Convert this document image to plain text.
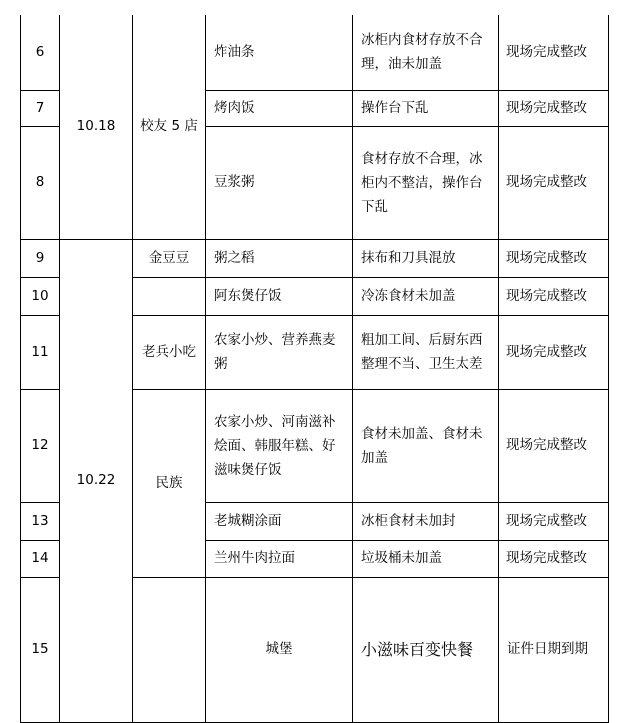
6	10.18	校友 5 店	炸油条	冰柜内食材存放不合理，油未加盖	现场完成整改	
7			烤肉饭	操作台下乱	现场完成整改	
8			豆浆粥	食材存放不合理，冰柜内不整洁，操作台下乱	现场完成整改	
9	10.22	金豆豆	粥之稻	抹布和刀具混放	现场完成整改	
10			阿东煲仔饭	冷冻食材未加盖	现场完成整改	
11		老兵小吃	农家小炒、营养燕麦粥	粗加工间、后厨东西整理不当、卫生太差	现场完成整改	
12		民族	农家小炒、河南滋补烩面、韩服年糕、好滋味煲仔饭	食材未加盖、食材未加盖	现场完成整改	
13			老城糊涂面	冰柜食材未加封	现场完成整改	
14			兰州牛肉拉面	垃圾桶未加盖	现场完成整改	
15			城堡	小滋味百变快餐	证件日期到期	
